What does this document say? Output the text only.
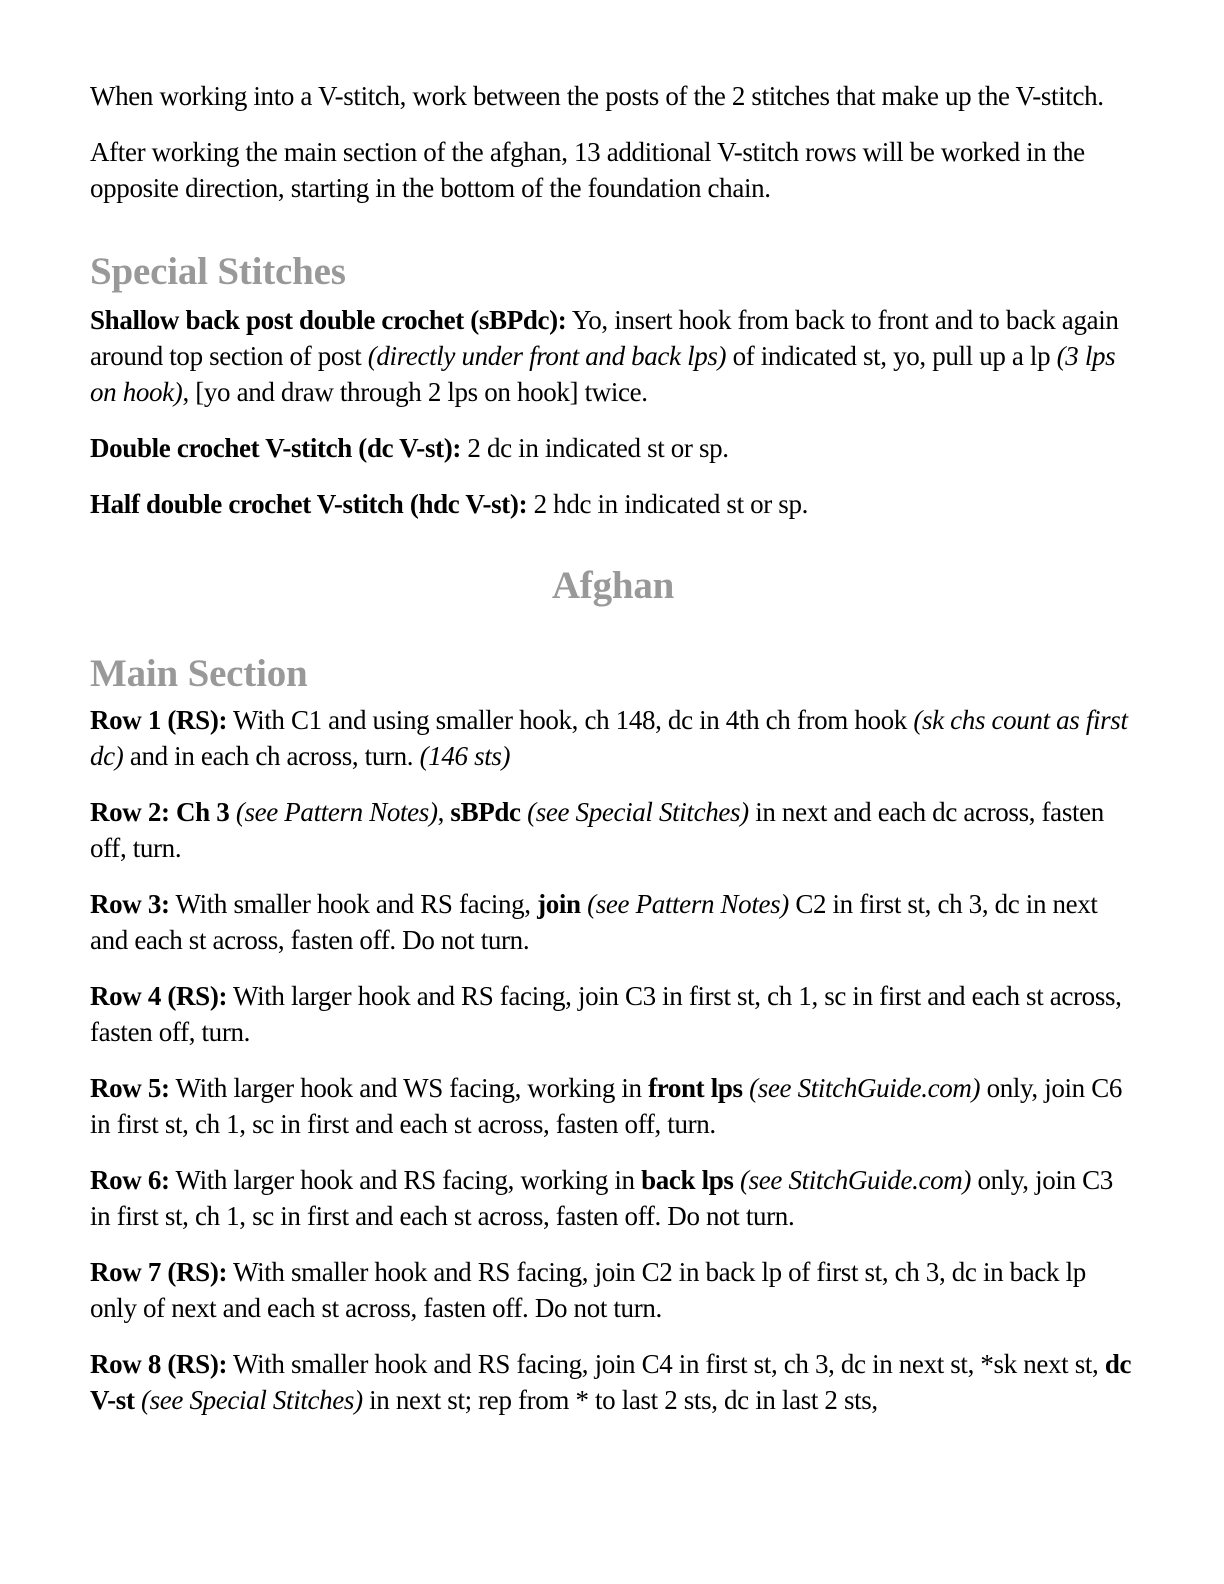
When working into a V-stitch, work between the posts of the 2 stitches that make up the V-stitch.

After working the main section of the afghan, 13 additional V-stitch rows will be worked in the opposite direction, starting in the bottom of the foundation chain.

Special Stitches

Shallow back post double crochet (sBPdc): Yo, insert hook from back to front and to back again around top section of post (directly under front and back lps) of indicated st, yo, pull up a lp (3 lps on hook), [yo and draw through 2 lps on hook] twice.

Double crochet V-stitch (dc V-st): 2 dc in indicated st or sp.

Half double crochet V-stitch (hdc V-st): 2 hdc in indicated st or sp.

Afghan
Main Section

Row 1 (RS): With C1 and using smaller hook, ch 148, dc in 4th ch from hook (sk chs count as first dc) and in each ch across, turn. (146 sts)

Row 2: Ch 3 (see Pattern Notes), sBPdc (see Special Stitches) in next and each dc across, fasten off, turn.

Row 3: With smaller hook and RS facing, join (see Pattern Notes) C2 in first st, ch 3, dc in next and each st across, fasten off. Do not turn.

Row 4 (RS): With larger hook and RS facing, join C3 in first st, ch 1, sc in first and each st across, fasten off, turn.

Row 5: With larger hook and WS facing, working in front lps (see StitchGuide.com) only, join C6 in first st, ch 1, sc in first and each st across, fasten off, turn.

Row 6: With larger hook and RS facing, working in back lps (see StitchGuide.com) only, join C3 in first st, ch 1, sc in first and each st across, fasten off. Do not turn.

Row 7 (RS): With smaller hook and RS facing, join C2 in back lp of first st, ch 3, dc in back lp only of next and each st across, fasten off. Do not turn.

Row 8 (RS): With smaller hook and RS facing, join C4 in first st, ch 3, dc in next st, *sk next st, dc V-st (see Special Stitches) in next st; rep from * to last 2 sts, dc in last 2 sts,
